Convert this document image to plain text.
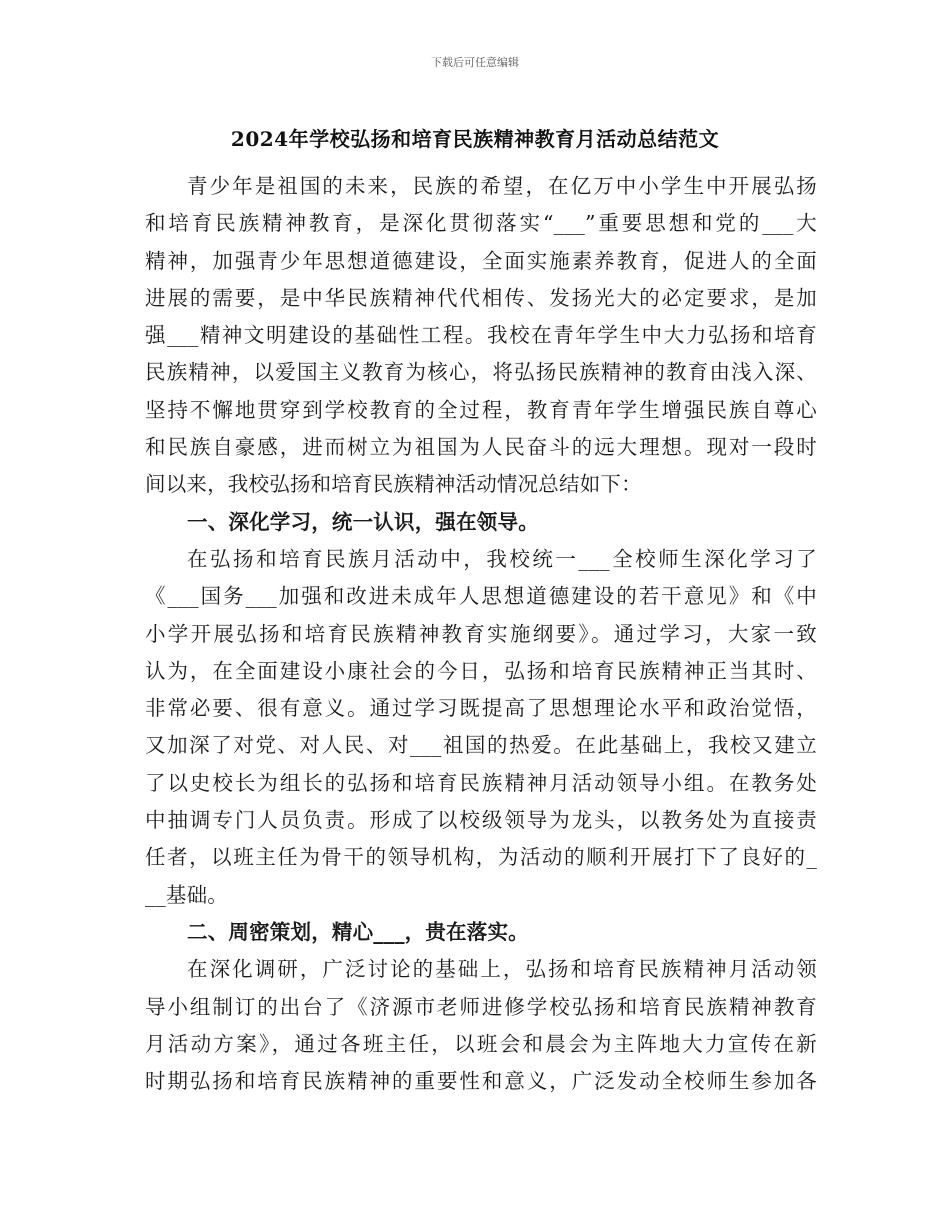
下载后可任意编辑
2024年学校弘扬和培育民族精神教育月活动总结范文
青少年是祖国的未来，民族的希望，在亿万中小学生中开展弘扬
和培育民族精神教育，是深化贯彻落实“___”重要思想和党的___大
精神，加强青少年思想道德建设，全面实施素养教育，促进人的全面
进展的需要，是中华民族精神代代相传、发扬光大的必定要求，是加
强___精神文明建设的基础性工程。我校在青年学生中大力弘扬和培育
民族精神，以爱国主义教育为核心，将弘扬民族精神的教育由浅入深、
坚持不懈地贯穿到学校教育的全过程，教育青年学生增强民族自尊心
和民族自豪感，进而树立为祖国为人民奋斗的远大理想。现对一段时
间以来，我校弘扬和培育民族精神活动情况总结如下：
一、深化学习，统一认识，强在领导。
在弘扬和培育民族月活动中，我校统一___全校师生深化学习了
《___国务___加强和改进未成年人思想道德建设的若干意见》和《中
小学开展弘扬和培育民族精神教育实施纲要》。通过学习，大家一致
认为，在全面建设小康社会的今日，弘扬和培育民族精神正当其时、
非常必要、很有意义。通过学习既提高了思想理论水平和政治觉悟，
又加深了对党、对人民、对___祖国的热爱。在此基础上，我校又建立
了以史校长为组长的弘扬和培育民族精神月活动领导小组。在教务处
中抽调专门人员负责。形成了以校级领导为龙头，以教务处为直接责
任者，以班主任为骨干的领导机构，为活动的顺利开展打下了良好的_
__基础。
二、周密策划，精心___，贵在落实。
在深化调研，广泛讨论的基础上，弘扬和培育民族精神月活动领
导小组制订的出台了《济源市老师进修学校弘扬和培育民族精神教育
月活动方案》，通过各班主任，以班会和晨会为主阵地大力宣传在新
时期弘扬和培育民族精神的重要性和意义，广泛发动全校师生参加各
